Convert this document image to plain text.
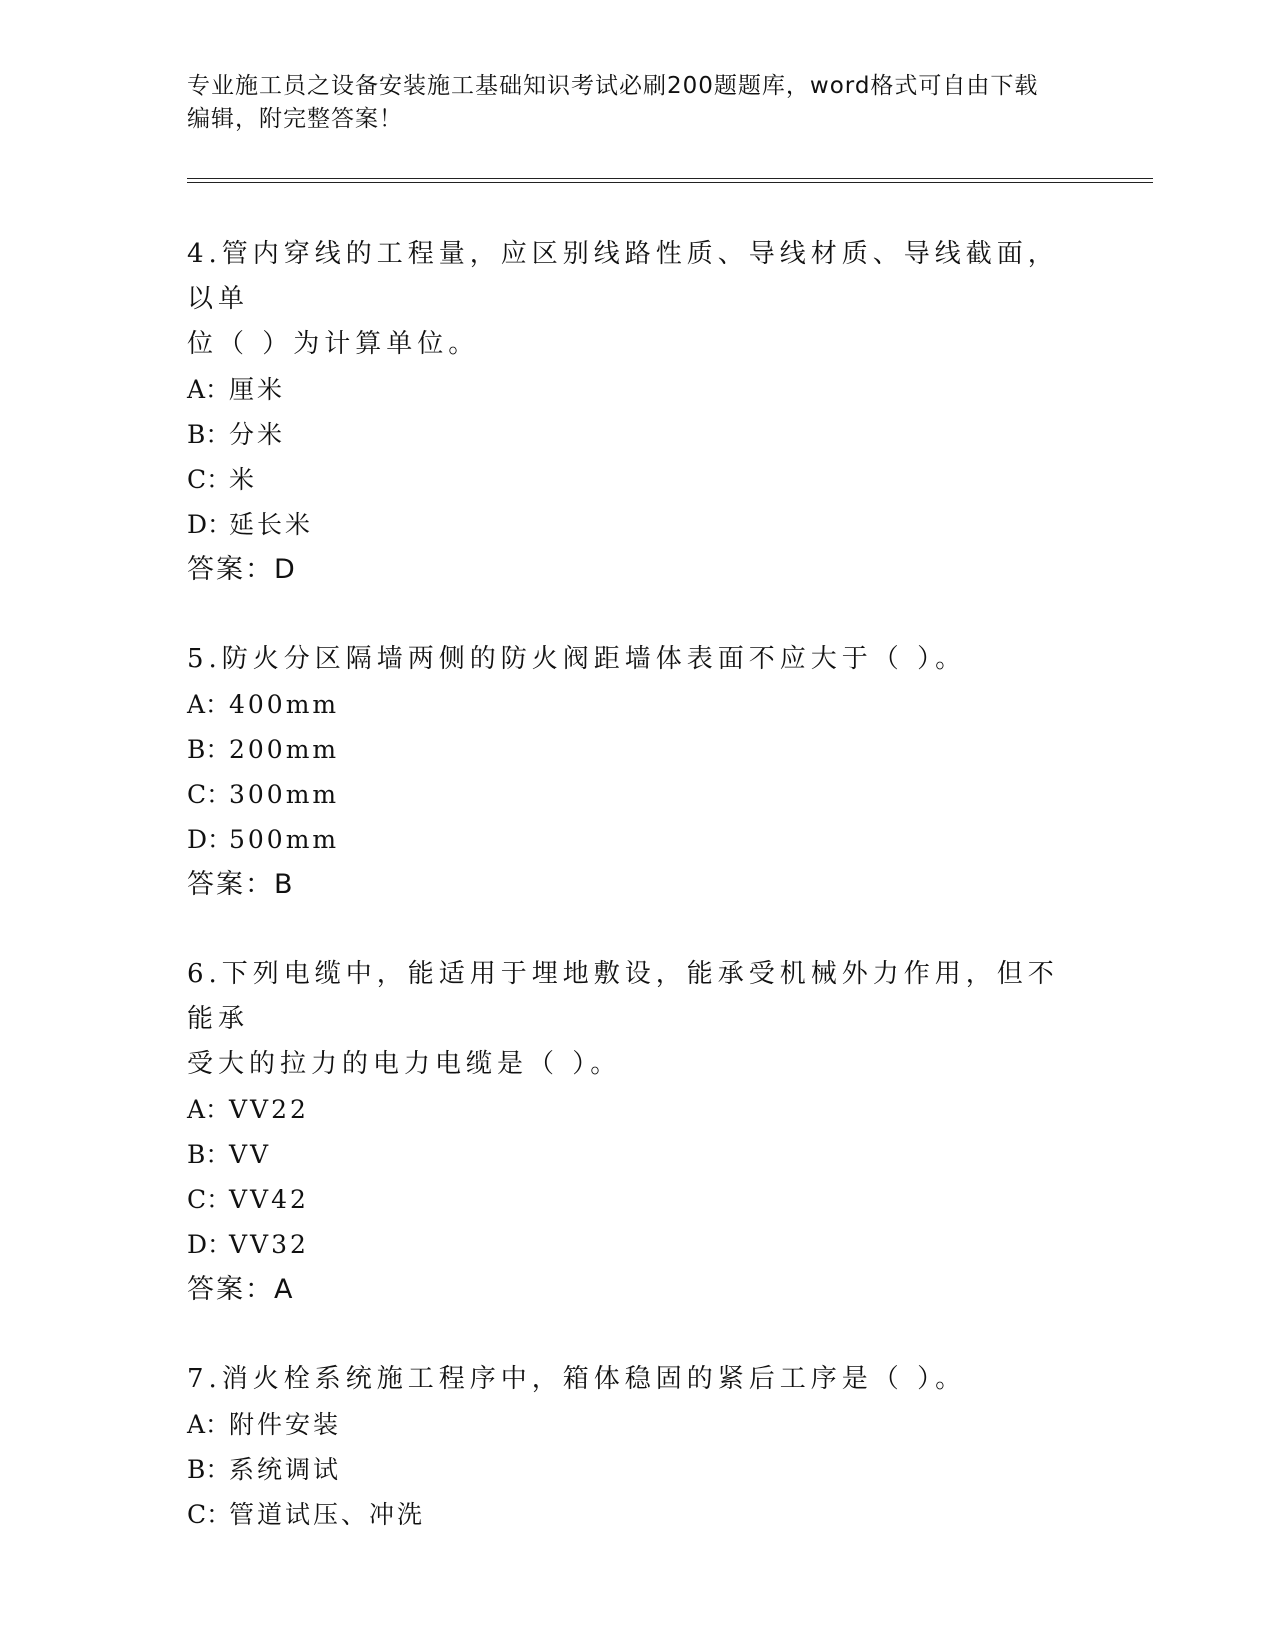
专业施工员之设备安装施工基础知识考试必刷200题题库，word格式可自由下载
编辑，附完整答案！

4.管内穿线的工程量，应区别线路性质、导线材质、导线截面，以单

位（ ）为计算单位。

A：
厘米

B：
分米

C：
米

D：
延长米

答案：D

5.防火分区隔墙两侧的防火阀距墙体表面不应大于（ ）。

A：
400mm

B：
200mm

C：
300mm

D：
500mm

答案：B

6.下列电缆中，能适用于埋地敷设，能承受机械外力作用，但不能承

受大的拉力的电力电缆是（ ）。

A：
VV22

B：
VV

C：
VV42

D：
VV32

答案：A

7.消火栓系统施工程序中，箱体稳固的紧后工序是（ ）。

A：
附件安装

B：
系统调试

C：
管道试压、冲洗
